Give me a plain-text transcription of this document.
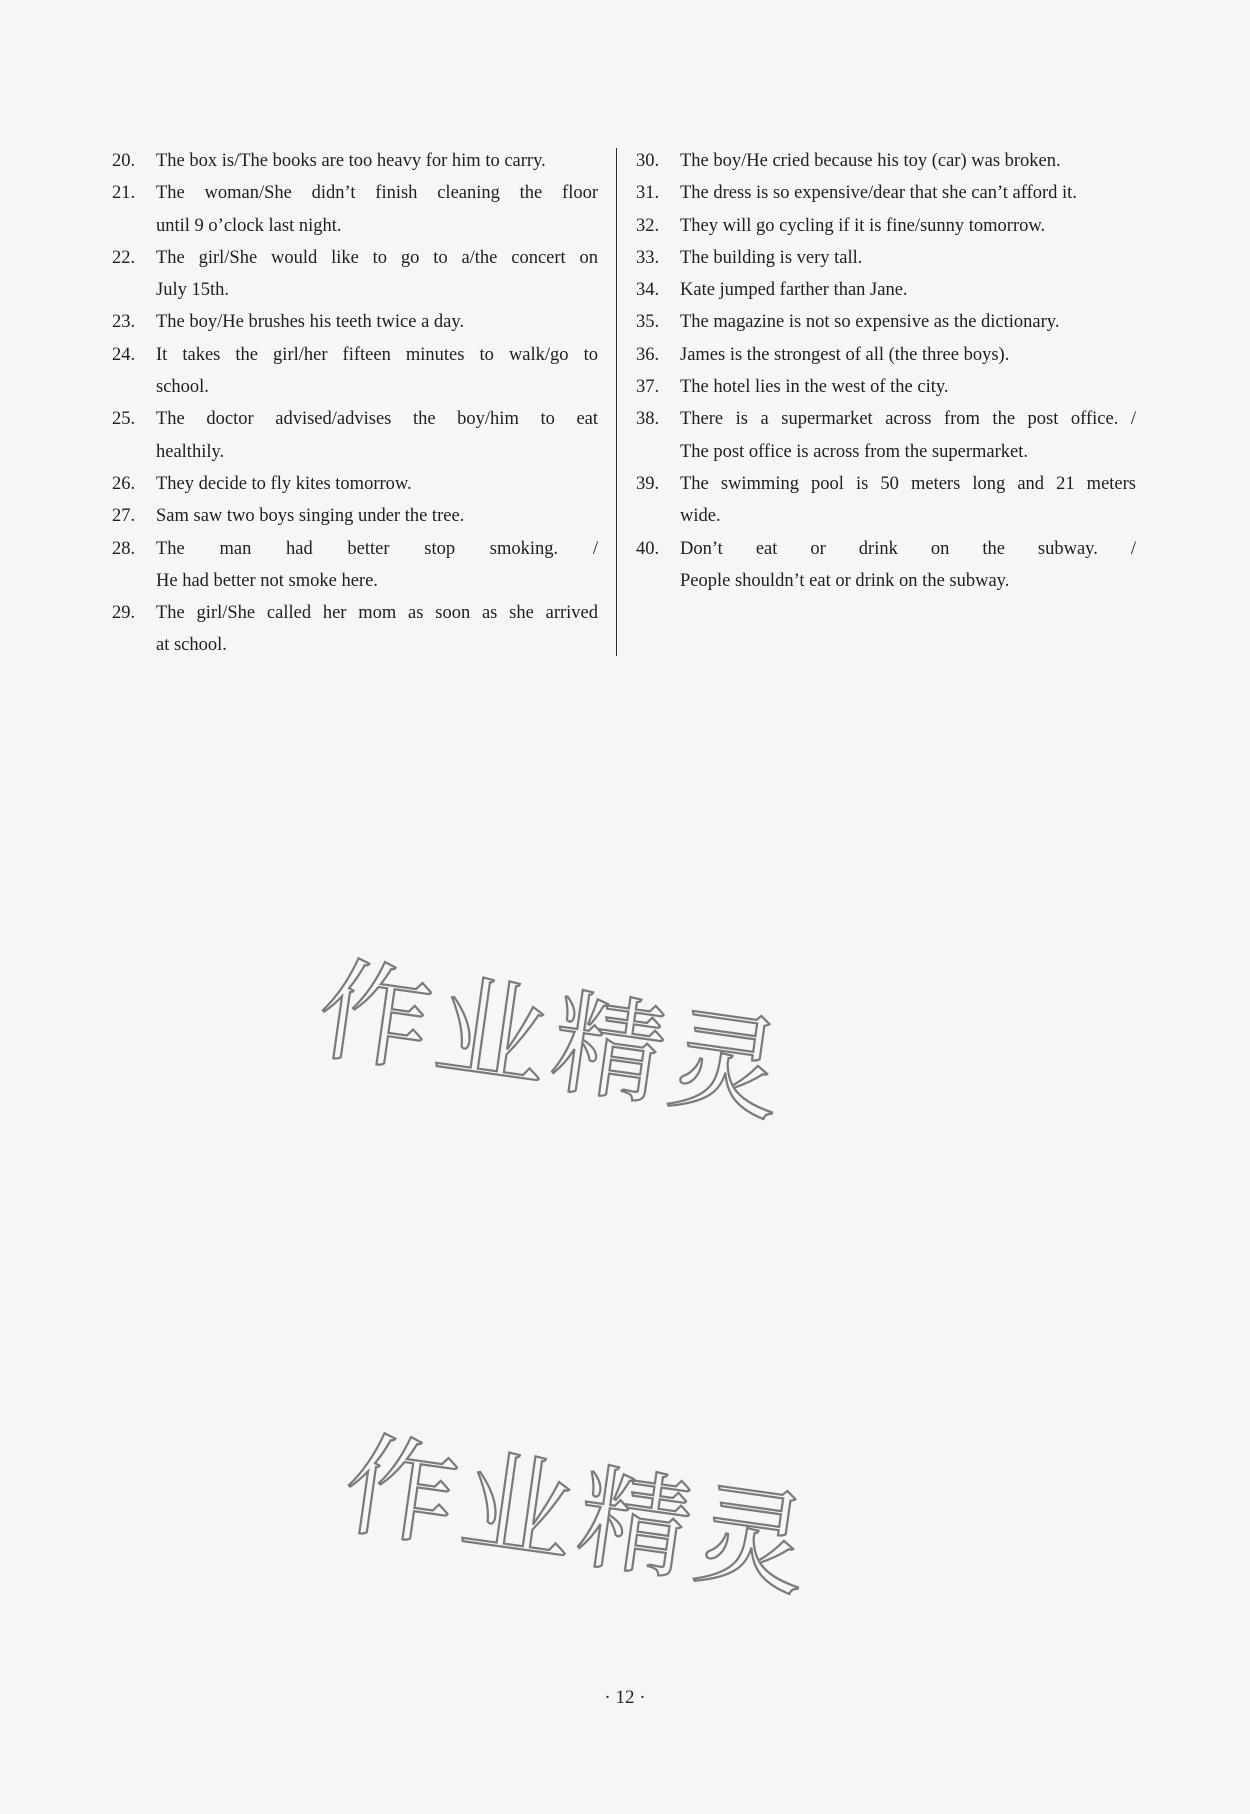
20.	The box is/The books are too heavy for him to carry.
21.	The woman/She didn’t finish cleaning the floor
until 9 o’clock last night.
22.	The girl/She would like to go to a/the concert on
July 15th.
23.	The boy/He brushes his teeth twice a day.
24.	It takes the girl/her fifteen minutes to walk/go to
school.
25.	The doctor advised/advises the boy/him to eat
healthily.
26.	They decide to fly kites tomorrow.
27.	Sam saw two boys singing under the tree.
28.	The man had better stop smoking. /
He had better not smoke here.
29.	The girl/She called her mom as soon as she arrived
at school.
30.	The boy/He cried because his toy (car) was broken.
31.	The dress is so expensive/dear that she can’t afford it.
32.	They will go cycling if it is fine/sunny tomorrow.
33.	The building is very tall.
34.	Kate jumped farther than Jane.
35.	The magazine is not so expensive as the dictionary.
36.	James is the strongest of all (the three boys).
37.	The hotel lies in the west of the city.
38.	There is a supermarket across from the post office. /
The post office is across from the supermarket.
39.	The swimming pool is 50 meters long and 21 meters
wide.
40.	Don’t eat or drink on the subway. /
People shouldn’t eat or drink on the subway.
作业精灵
作业精灵
· 12 ·
